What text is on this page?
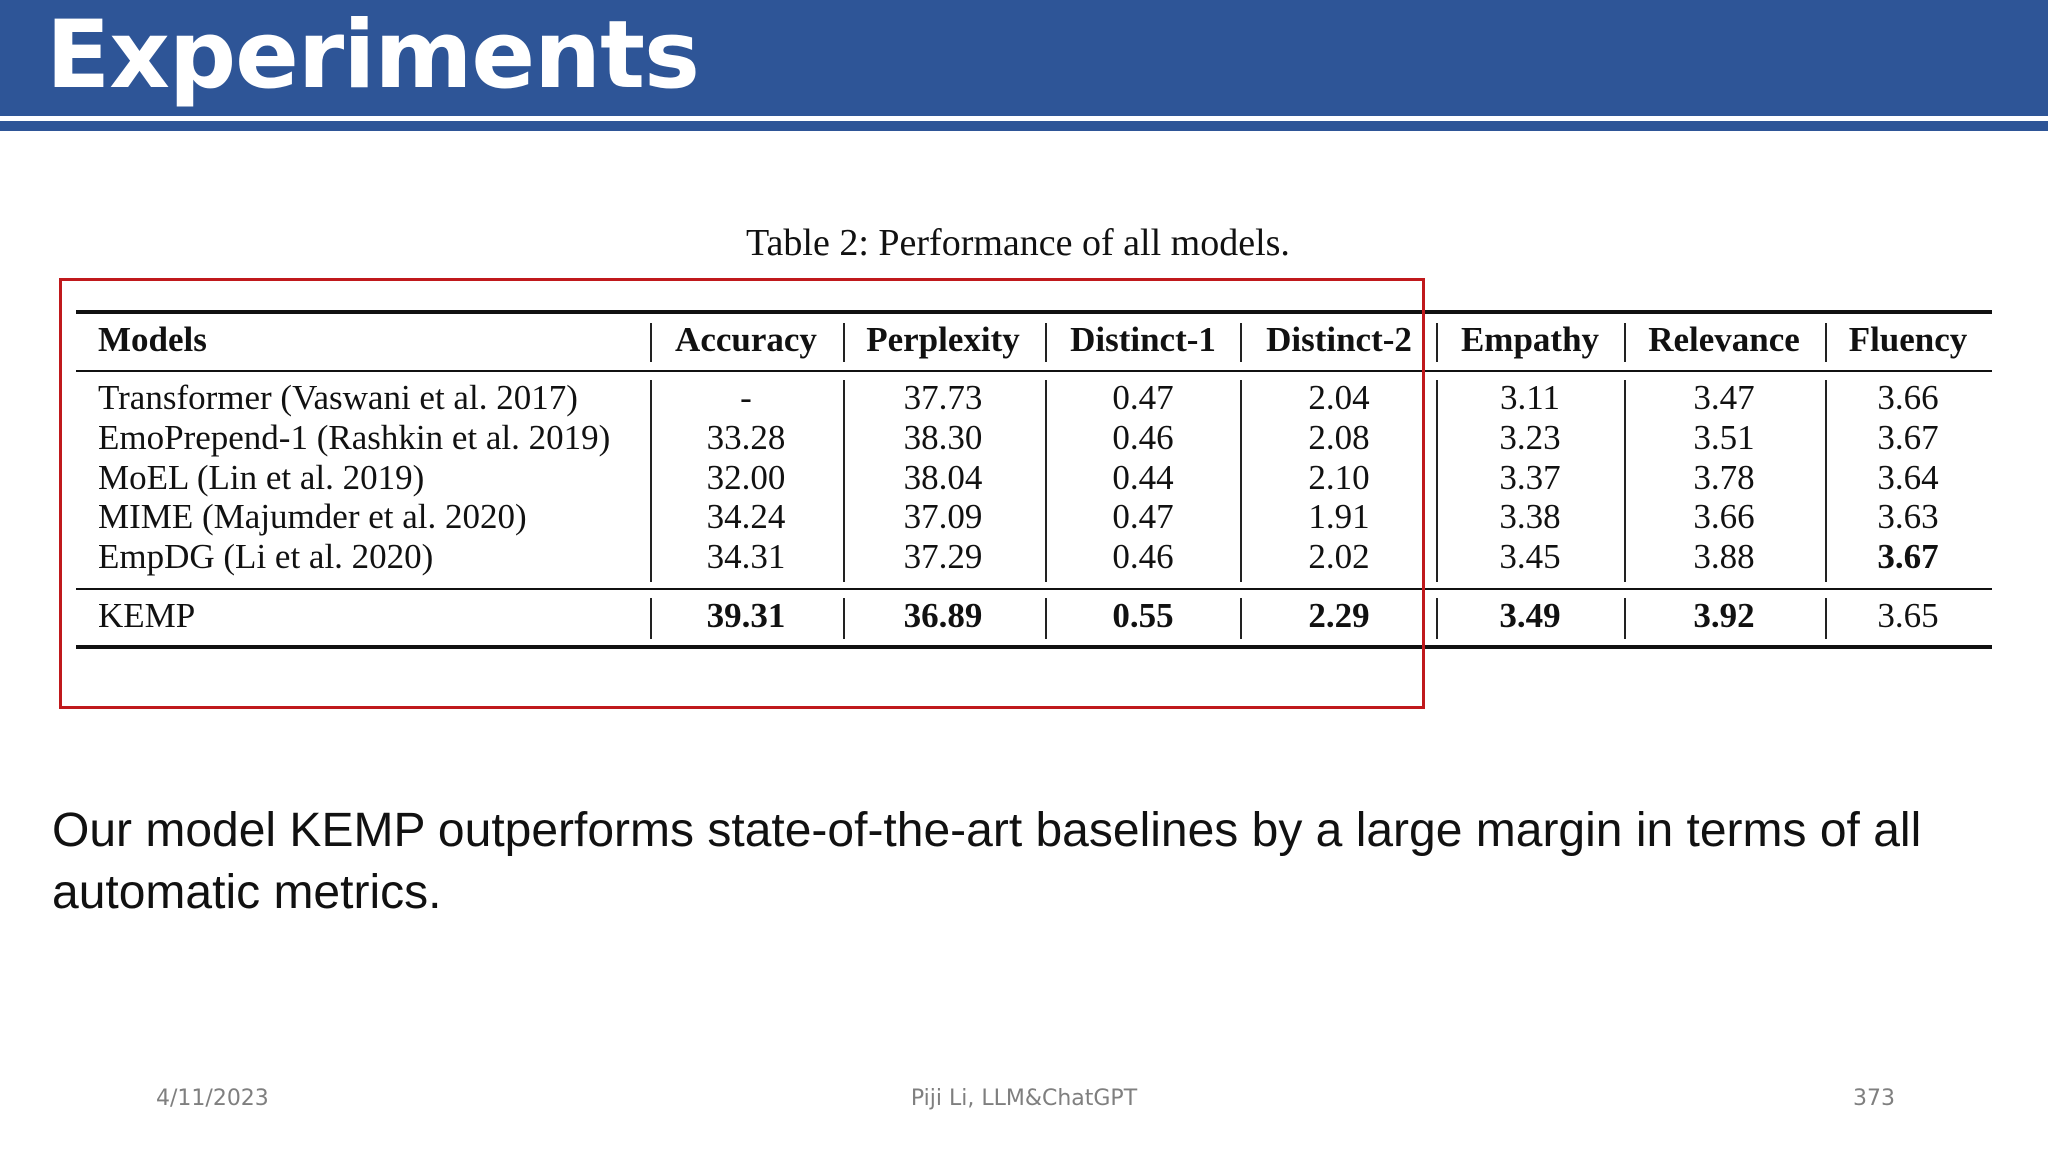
Experiments
Table 2: Performance of all models.
Models	Accuracy Perplexity Distinct-1 Distinct-2 Empathy Relevance Fluency
Transformer (Vaswani et al. 2017)	-	37.73	0.47	2.04	3.11	3.47	3.66
EmoPrepend-1 (Rashkin et al. 2019)	33.28	38.30	0.46	2.08	3.23	3.51	3.67
MoEL (Lin et al. 2019)	32.00	38.04	0.44	2.10	3.37	3.78	3.64
MIME (Majumder et al. 2020)	34.24	37.09	0.47	1.91	3.38	3.66	3.63
EmpDG (Li et al. 2020)	34.31	37.29	0.46	2.02	3.45	3.88	3.67
KEMP	39.31	36.89	0.55	2.29	3.49	3.92	3.65
Our model KEMP outperforms state-of-the-art baselines by a large margin in terms of all automatic metrics.
4/11/2023	Piji Li, LLM&ChatGPT	373
